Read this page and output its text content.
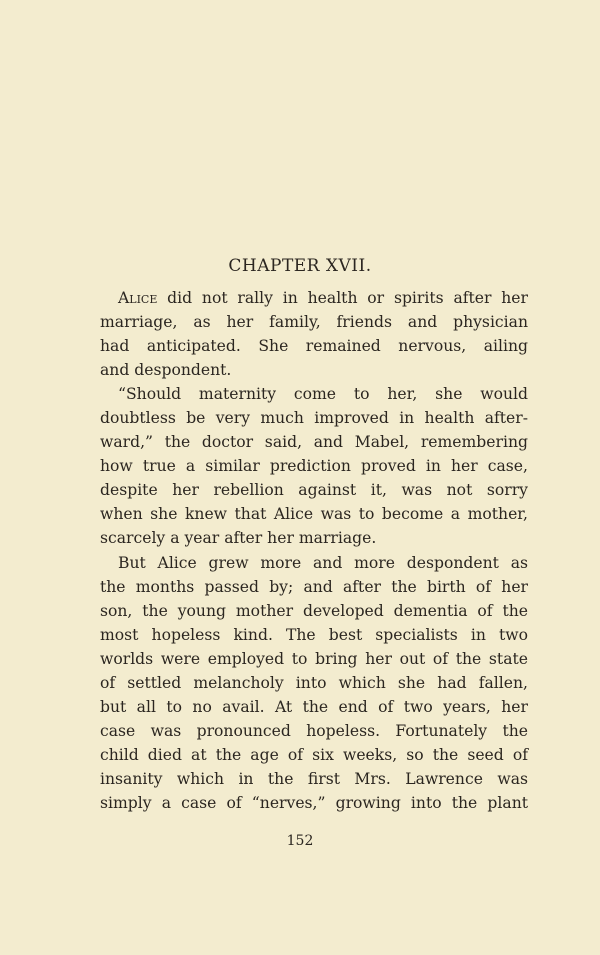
CHAPTER XVII.
Alice did not rally in health or spirits after her
marriage, as her family, friends and physician
had anticipated. She remained nervous, ailing
and despondent.
“Should maternity come to her, she would
doubtless be very much improved in health after-
ward,” the doctor said, and Mabel, remembering
how true a similar prediction proved in her case,
despite her rebellion against it, was not sorry
when she knew that Alice was to become a mother,
scarcely a year after her marriage.
But Alice grew more and more despondent as
the months passed by; and after the birth of her
son, the young mother developed dementia of the
most hopeless kind. The best specialists in two
worlds were employed to bring her out of the state
of settled melancholy into which she had fallen,
but all to no avail. At the end of two years, her
case was pronounced hopeless. Fortunately the
child died at the age of six weeks, so the seed of
insanity which in the first Mrs. Lawrence was
simply a case of “nerves,” growing into the plant
152
